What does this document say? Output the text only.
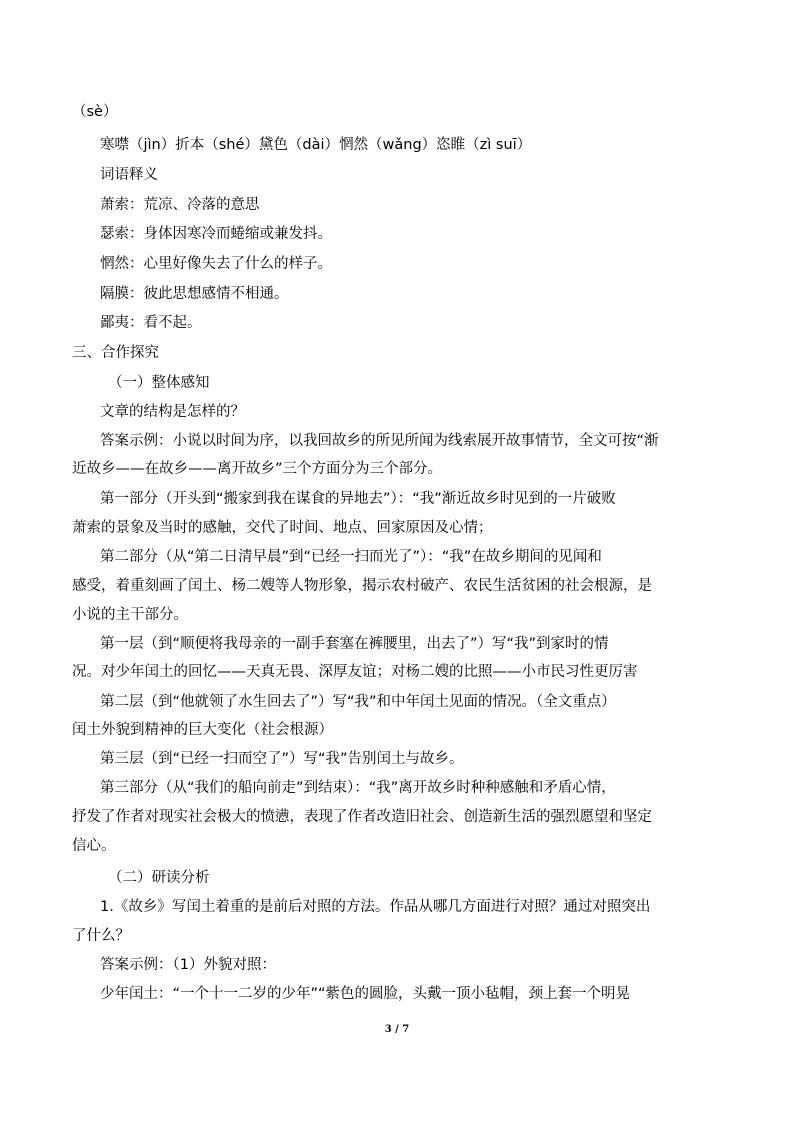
（sè）
寒噤（jìn）折本（shé）黛色（dài）惘然（wǎng）恣睢（zì suī）
词语释义
萧索：荒凉、冷落的意思
瑟索：身体因寒冷而蜷缩或兼发抖。
惘然：心里好像失去了什么的样子。
隔膜：彼此思想感情不相通。
鄙夷：看不起。
三、合作探究
（一）整体感知
文章的结构是怎样的？
答案示例：小说以时间为序，以我回故乡的所见所闻为线索展开故事情节，全文可按“渐
近故乡——在故乡——离开故乡”三个方面分为三个部分。
第一部分（开头到“搬家到我在谋食的异地去”）：“我”渐近故乡时见到的一片破败
萧索的景象及当时的感触，交代了时间、地点、回家原因及心情；
第二部分（从“第二日清早晨”到“已经一扫而光了”）：“我”在故乡期间的见闻和
感受，着重刻画了闰土、杨二嫂等人物形象，揭示农村破产、农民生活贫困的社会根源，是
小说的主干部分。
第一层（到“顺便将我母亲的一副手套塞在裤腰里，出去了”）写“我”到家时的情
况。对少年闰土的回忆——天真无畏、深厚友谊；对杨二嫂的比照——小市民习性更厉害
第二层（到“他就领了水生回去了”）写“我”和中年闰土见面的情况。（全文重点）
闰土外貌到精神的巨大变化（社会根源）
第三层（到“已经一扫而空了”）写“我”告别闰土与故乡。
第三部分（从“我们的船向前走”到结束）：“我”离开故乡时种种感触和矛盾心情，
抒发了作者对现实社会极大的愤懑，表现了作者改造旧社会、创造新生活的强烈愿望和坚定
信心。
（二）研读分析
1.《故乡》写闰土着重的是前后对照的方法。作品从哪几方面进行对照？通过对照突出
了什么？
答案示例：（1）外貌对照：
少年闰土：“一个十一二岁的少年”“紫色的圆脸，头戴一顶小毡帽，颈上套一个明晃
3 / 7
